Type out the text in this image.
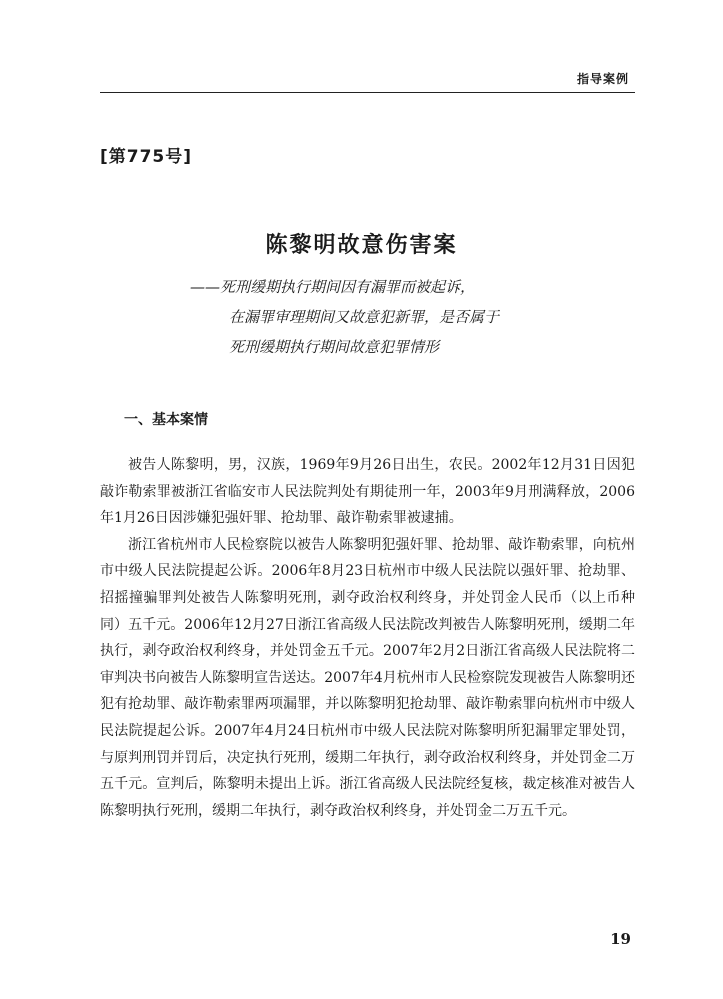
指导案例
[第775号]
陈黎明故意伤害案
——死刑缓期执行期间因有漏罪而被起诉，
在漏罪审理期间又故意犯新罪，是否属于
死刑缓期执行期间故意犯罪情形
一、基本案情

被告人陈黎明，男，汉族，1969年9月26日出生，农民。2002年12月31日因犯敲诈勒索罪被浙江省临安市人民法院判处有期徒刑一年，2003年9月刑满释放，2006年1月26日因涉嫌犯强奸罪、抢劫罪、敲诈勒索罪被逮捕。

浙江省杭州市人民检察院以被告人陈黎明犯强奸罪、抢劫罪、敲诈勒索罪，向杭州市中级人民法院提起公诉。2006年8月23日杭州市中级人民法院以强奸罪、抢劫罪、招摇撞骗罪判处被告人陈黎明死刑，剥夺政治权利终身，并处罚金人民币（以上币种同）五千元。2006年12月27日浙江省高级人民法院改判被告人陈黎明死刑，缓期二年执行，剥夺政治权利终身，并处罚金五千元。2007年2月2日浙江省高级人民法院将二审判决书向被告人陈黎明宣告送达。2007年4月杭州市人民检察院发现被告人陈黎明还犯有抢劫罪、敲诈勒索罪两项漏罪，并以陈黎明犯抢劫罪、敲诈勒索罪向杭州市中级人民法院提起公诉。2007年4月24日杭州市中级人民法院对陈黎明所犯漏罪定罪处罚，与原判刑罚并罚后，决定执行死刑，缓期二年执行，剥夺政治权利终身，并处罚金二万五千元。宣判后，陈黎明未提出上诉。浙江省高级人民法院经复核，裁定核准对被告人陈黎明执行死刑，缓期二年执行，剥夺政治权利终身，并处罚金二万五千元。

19
